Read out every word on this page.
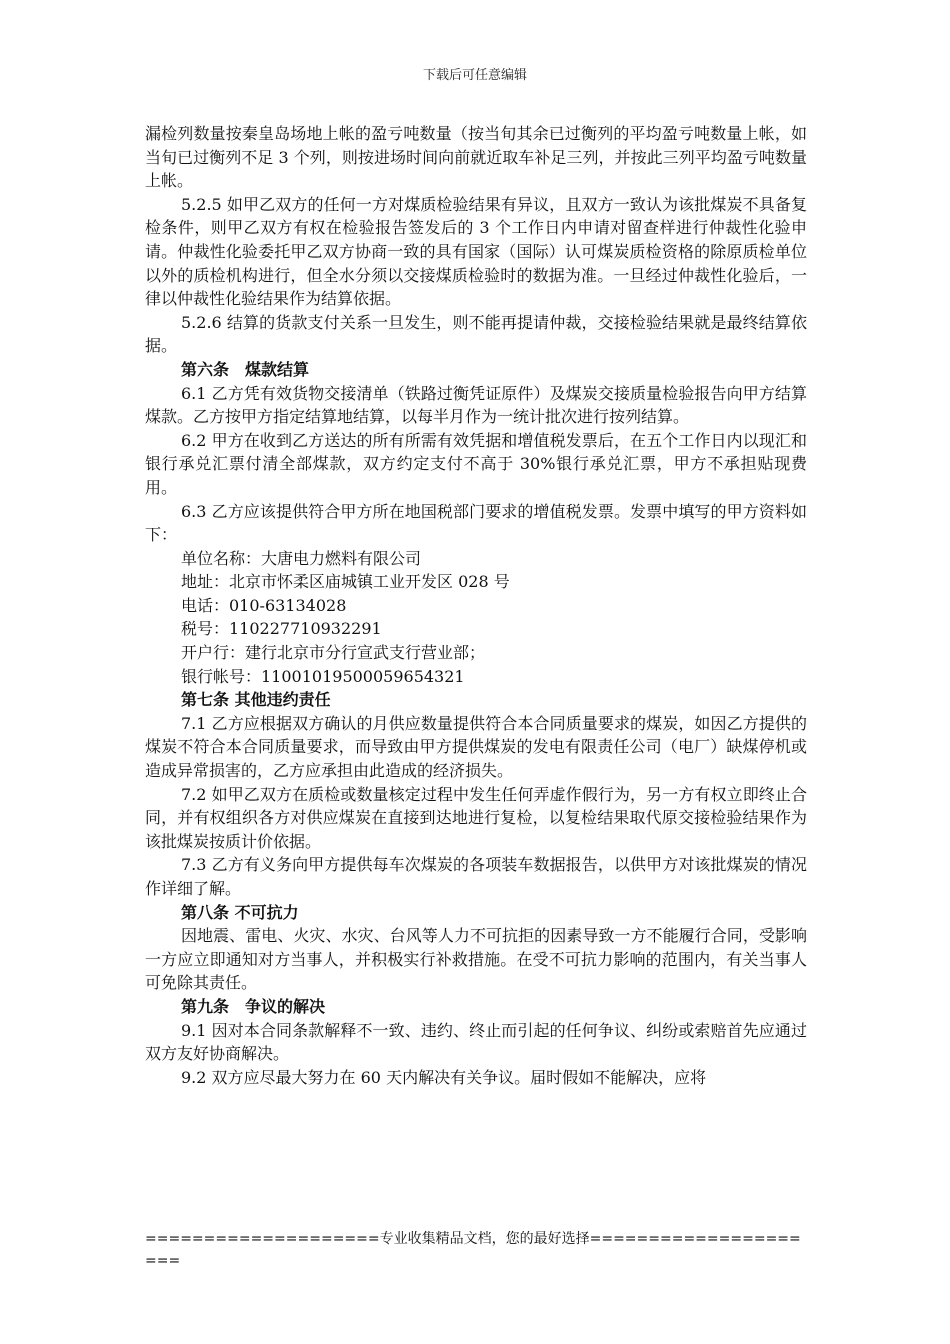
下载后可任意编辑

漏检列数量按秦皇岛场地上帐的盈亏吨数量（按当旬其余已过衡列的平均盈亏吨数量上帐，如当旬已过衡列不足 3 个列，则按进场时间向前就近取车补足三列，并按此三列平均盈亏吨数量上帐。

5.2.5 如甲乙双方的任何一方对煤质检验结果有异议，且双方一致认为该批煤炭不具备复检条件，则甲乙双方有权在检验报告签发后的 3 个工作日内申请对留查样进行仲裁性化验申请。仲裁性化验委托甲乙双方协商一致的具有国家（国际）认可煤炭质检资格的除原质检单位以外的质检机构进行，但全水分须以交接煤质检验时的数据为准。一旦经过仲裁性化验后，一律以仲裁性化验结果作为结算依据。

5.2.6 结算的货款支付关系一旦发生，则不能再提请仲裁，交接检验结果就是最终结算依据。

第六条　煤款结算

6.1 乙方凭有效货物交接清单（铁路过衡凭证原件）及煤炭交接质量检验报告向甲方结算煤款。乙方按甲方指定结算地结算，以每半月作为一统计批次进行按列结算。

6.2 甲方在收到乙方送达的所有所需有效凭据和增值税发票后，在五个工作日内以现汇和银行承兑汇票付清全部煤款，双方约定支付不高于 30%银行承兑汇票，甲方不承担贴现费用。

6.3 乙方应该提供符合甲方所在地国税部门要求的增值税发票。发票中填写的甲方资料如下：

单位名称：大唐电力燃料有限公司

地址：北京市怀柔区庙城镇工业开发区 028 号

电话：010-63134028

税号：110227710932291

开户行：建行北京市分行宣武支行营业部；

银行帐号：11001019500059654321

第七条 其他违约责任

7.1 乙方应根据双方确认的月供应数量提供符合本合同质量要求的煤炭，如因乙方提供的煤炭不符合本合同质量要求，而导致由甲方提供煤炭的发电有限责任公司（电厂）缺煤停机或造成异常损害的，乙方应承担由此造成的经济损失。

7.2 如甲乙双方在质检或数量核定过程中发生任何弄虚作假行为，另一方有权立即终止合同，并有权组织各方对供应煤炭在直接到达地进行复检，以复检结果取代原交接检验结果作为该批煤炭按质计价依据。

7.3 乙方有义务向甲方提供每车次煤炭的各项装车数据报告，以供甲方对该批煤炭的情况作详细了解。

第八条 不可抗力

因地震、雷电、火灾、水灾、台风等人力不可抗拒的因素导致一方不能履行合同，受影响一方应立即通知对方当事人，并积极实行补救措施。在受不可抗力影响的范围内，有关当事人可免除其责任。

第九条　争议的解决

9.1 因对本合同条款解释不一致、违约、终止而引起的任何争议、纠纷或索赔首先应通过双方友好协商解决。

9.2 双方应尽最大努力在 60 天内解决有关争议。届时假如不能解决，应将

====================专业收集精品文档，您的最好选择=====================
